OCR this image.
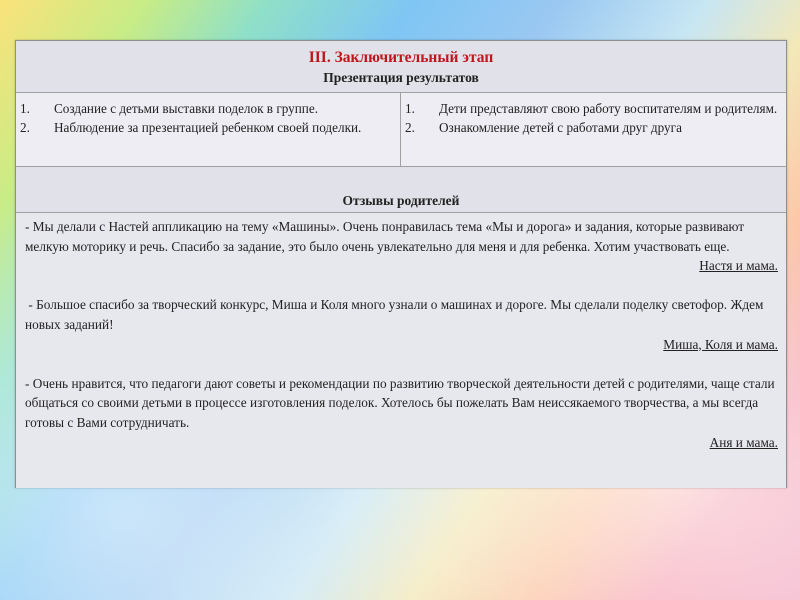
III. Заключительный этап
Презентация результатов
1. Создание с детьми выставки поделок в группе.
2. Наблюдение за презентацией ребенком своей поделки.
1. Дети представляют свою работу воспитателям и родителям.
2. Ознакомление детей с работами друг друга
Отзывы родителей

- Мы делали с Настей аппликацию на тему «Машины». Очень понравилась тема «Мы и дорога» и задания, которые развивают мелкую моторику и речь. Спасибо за задание, это было очень увлекательно для меня и для ребенка. Хотим участвовать еще.

Настя и мама.

- Большое спасибо за творческий конкурс, Миша и Коля много узнали о машинах и дороге. Мы сделали поделку светофор. Ждем новых заданий!

Миша, Коля и мама.

- Очень нравится, что педагоги дают советы и рекомендации по развитию творческой деятельности детей с родителями, чаще стали общаться со своими детьми в процессе изготовления поделок. Хотелось бы пожелать Вам неиссякаемого творчества, а мы всегда готовы с Вами сотрудничать.

Аня и мама.
